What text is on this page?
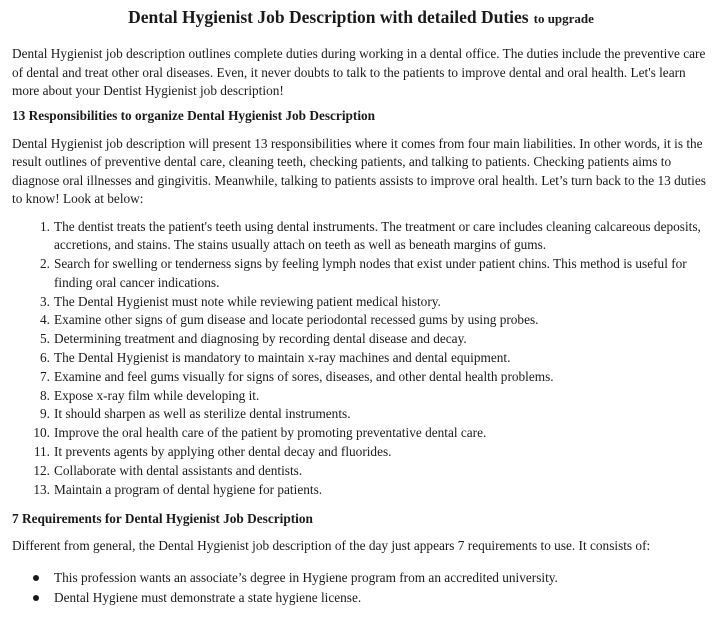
Dental Hygienist Job Description with detailed Duties to upgrade

Dental Hygienist job description outlines complete duties during working in a dental office. The duties include the preventive care of dental and treat other oral diseases. Even, it never doubts to talk to the patients to improve dental and oral health. Let's learn more about your Dentist Hygienist job description!

13 Responsibilities to organize Dental Hygienist Job Description

Dental Hygienist job description will present 13 responsibilities where it comes from four main liabilities. In other words, it is the result outlines of preventive dental care, cleaning teeth, checking patients, and talking to patients. Checking patients aims to diagnose oral illnesses and gingivitis. Meanwhile, talking to patients assists to improve oral health. Let’s turn back to the 13 duties to know! Look at below:

1. The dentist treats the patient's teeth using dental instruments. The treatment or care includes cleaning calcareous deposits, accretions, and stains. The stains usually attach on teeth as well as beneath margins of gums.
2. Search for swelling or tenderness signs by feeling lymph nodes that exist under patient chins. This method is useful for finding oral cancer indications.
3. The Dental Hygienist must note while reviewing patient medical history.
4. Examine other signs of gum disease and locate periodontal recessed gums by using probes.
5. Determining treatment and diagnosing by recording dental disease and decay.
6. The Dental Hygienist is mandatory to maintain x-ray machines and dental equipment.
7. Examine and feel gums visually for signs of sores, diseases, and other dental health problems.
8. Expose x-ray film while developing it.
9. It should sharpen as well as sterilize dental instruments.
10. Improve the oral health care of the patient by promoting preventative dental care.
11. It prevents agents by applying other dental decay and fluorides.
12. Collaborate with dental assistants and dentists.
13. Maintain a program of dental hygiene for patients.
7 Requirements for Dental Hygienist Job Description

Different from general, the Dental Hygienist job description of the day just appears 7 requirements to use. It consists of:

This profession wants an associate’s degree in Hygiene program from an accredited university.
Dental Hygiene must demonstrate a state hygiene license.
